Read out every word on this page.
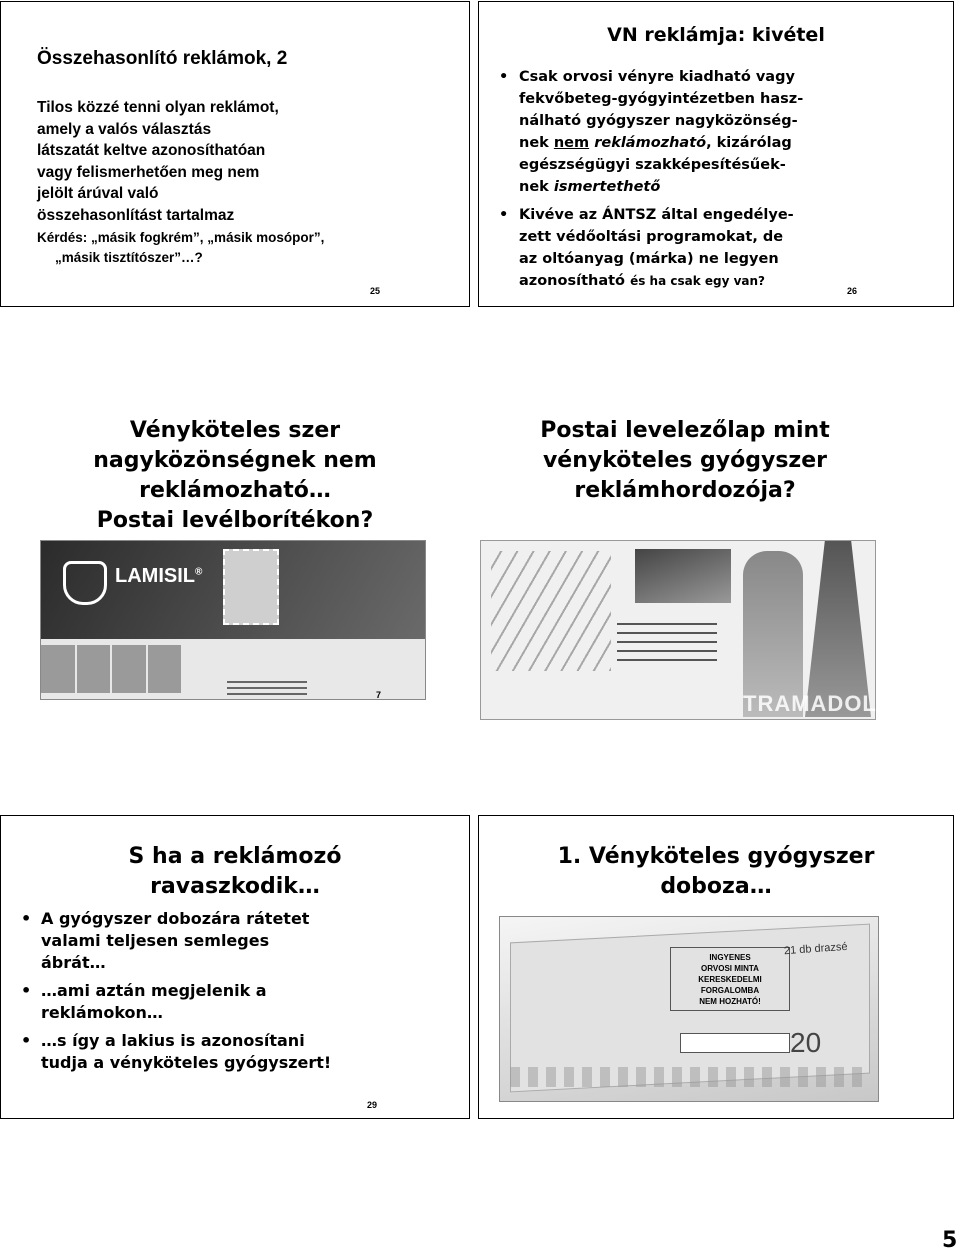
Összehasonlító reklámok, 2
Tilos közzé tenni olyan reklámot,
amely a valós választás
látszatát keltve azonosíthatóan
vagy felismerhetően meg nem
jelölt árúval való
összehasonlítást tartalmaz
Kérdés: „másik fogkrém”, „másik mosópor”,
„másik tisztítószer”…?
25
VN reklámja: kivétel
• Csak orvosi vényre kiadható vagy
fekvőbeteg-gyógyintézetben hasz-
nálható gyógyszer nagyközönség-
nek nem reklámozható, kizárólag
egészségügyi szakképesítésűek-
nek ismertethető
• Kivéve az ÁNTSZ által engedélye-
zett védőoltási programokat, de
az oltóanyag (márka) ne legyen
azonosítható és ha csak egy van?
26
Vényköteles szer
nagyközönségnek nem
reklámozható…
Postai levélborítékon?
LAMISIL®
7
Postai levelezőlap mint
vényköteles gyógyszer
reklámhordozója?
TRAMADOL
S ha a reklámozó
ravaszkodik…
• A gyógyszer dobozára rátetet
valami teljesen semleges
ábrát…
• …ami aztán megjelenik a
reklámokon…
• …s így a lakius is azonosítani
tudja a vényköteles gyógyszert!
29
1. Vényköteles gyógyszer
doboza…
INGYENES
ORVOSI MINTA
KERESKEDELMI
FORGALOMBA
NEM HOZHATÓ!
21 db drazsé
20
5
